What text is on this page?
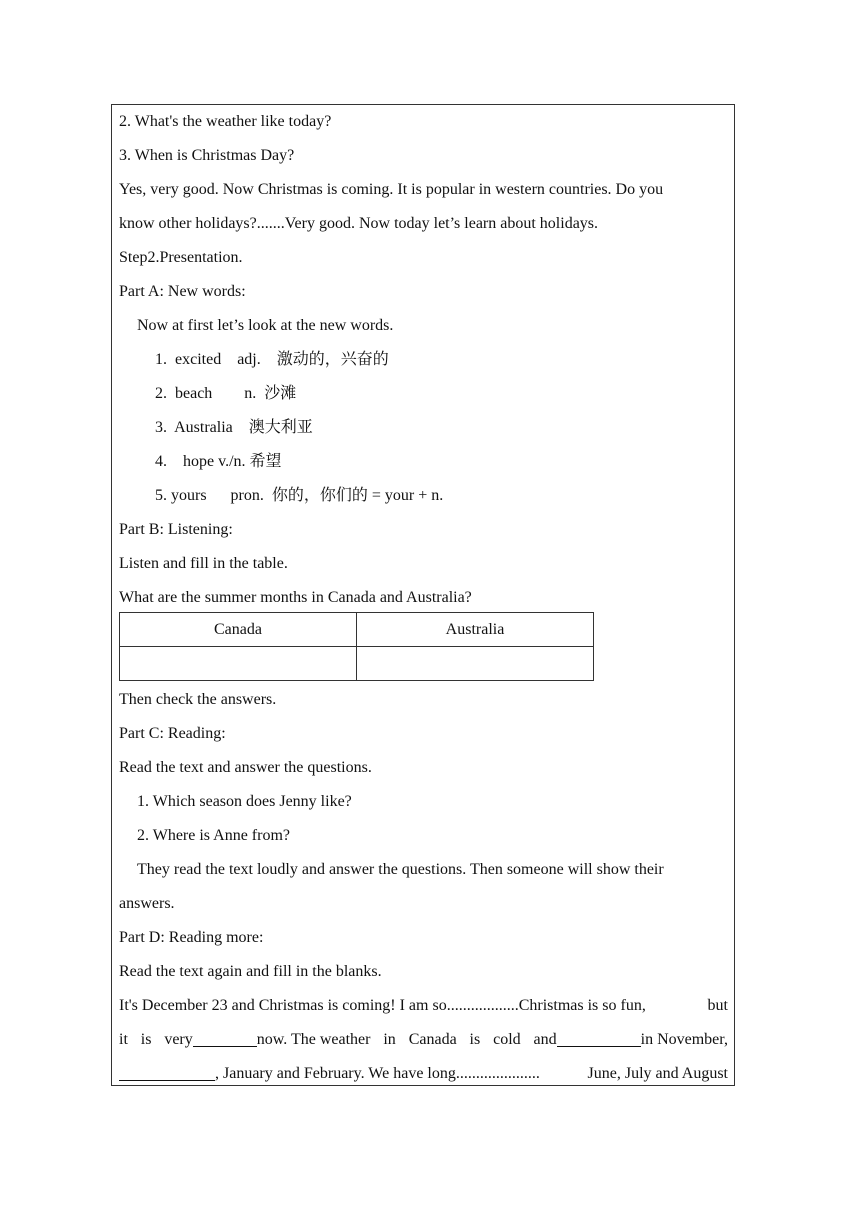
2. What's the weather like today?
3. When is Christmas Day?
Yes, very good. Now Christmas is coming. It is popular in western countries. Do you
know other holidays?.......Very good. Now today let’s learn about holidays.
Step2.Presentation.
Part A: New words:
Now at first let’s look at the new words.
1.  excited    adj.    激动的，兴奋的
2.  beach        n.  沙滩
3.  Australia    澳大利亚
4.    hope v./n. 希望
5. yours      pron.  你的，你们的 = your + n.
Part B: Listening:
Listen and fill in the table.
What are the summer months in Canada and Australia?
Canada	Australia

Then check the answers.
Part C: Reading:
Read the text and answer the questions.
1. Which season does Jenny like?
2. Where is Anne from?
They read the text loudly and answer the questions. Then someone will show their
answers.
Part D: Reading more:
Read the text again and fill in the blanks.
It's December 23 and Christmas is coming! I am so..................Christmas is so fun,	but
it is very	now. The weather in Canada is cold and	in November,
, January and February. We have long.....................	June, July and August
